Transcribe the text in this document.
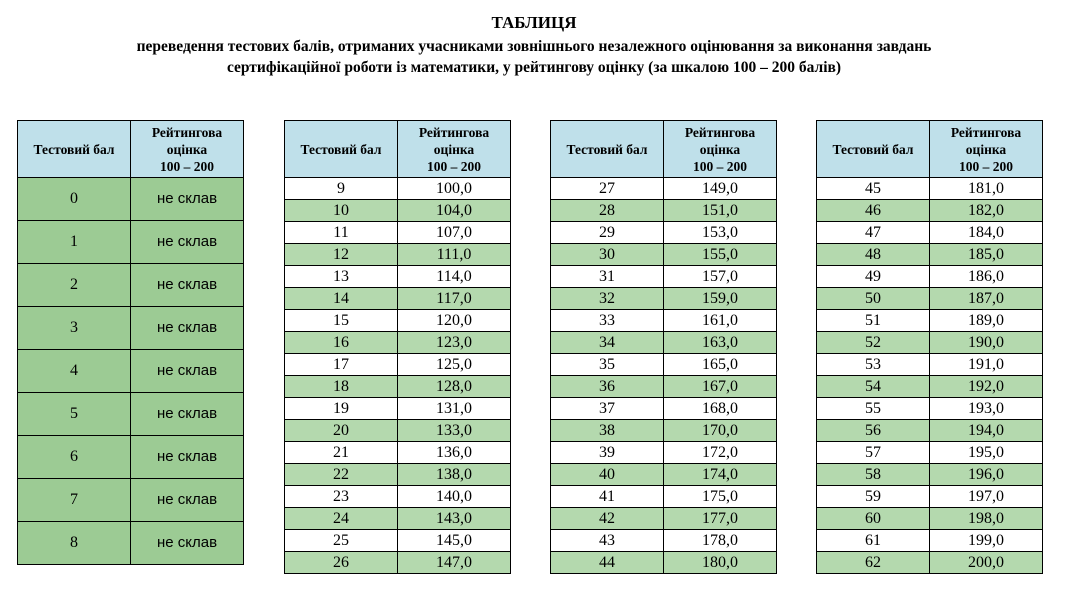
ТАБЛИЦЯ
переведення тестових балів, отриманих учасниками зовнішнього незалежного оцінювання за виконання завдань
сертифікаційної роботи із математики, у рейтингову оцінку (за шкалою 100 – 200 балів)
Тестовий бал	Рейтингова
оцінка
100 – 200

0	не склав
1	не склав
2	не склав
3	не склав
4	не склав
5	не склав
6	не склав
7	не склав
8	не склав
Тестовий бал	Рейтингова
оцінка
100 – 200

9	100,0
10	104,0
11	107,0
12	111,0
13	114,0
14	117,0
15	120,0
16	123,0
17	125,0
18	128,0
19	131,0
20	133,0
21	136,0
22	138,0
23	140,0
24	143,0
25	145,0
26	147,0
Тестовий бал	Рейтингова
оцінка
100 – 200

27	149,0
28	151,0
29	153,0
30	155,0
31	157,0
32	159,0
33	161,0
34	163,0
35	165,0
36	167,0
37	168,0
38	170,0
39	172,0
40	174,0
41	175,0
42	177,0
43	178,0
44	180,0
Тестовий бал	Рейтингова
оцінка
100 – 200

45	181,0
46	182,0
47	184,0
48	185,0
49	186,0
50	187,0
51	189,0
52	190,0
53	191,0
54	192,0
55	193,0
56	194,0
57	195,0
58	196,0
59	197,0
60	198,0
61	199,0
62	200,0
